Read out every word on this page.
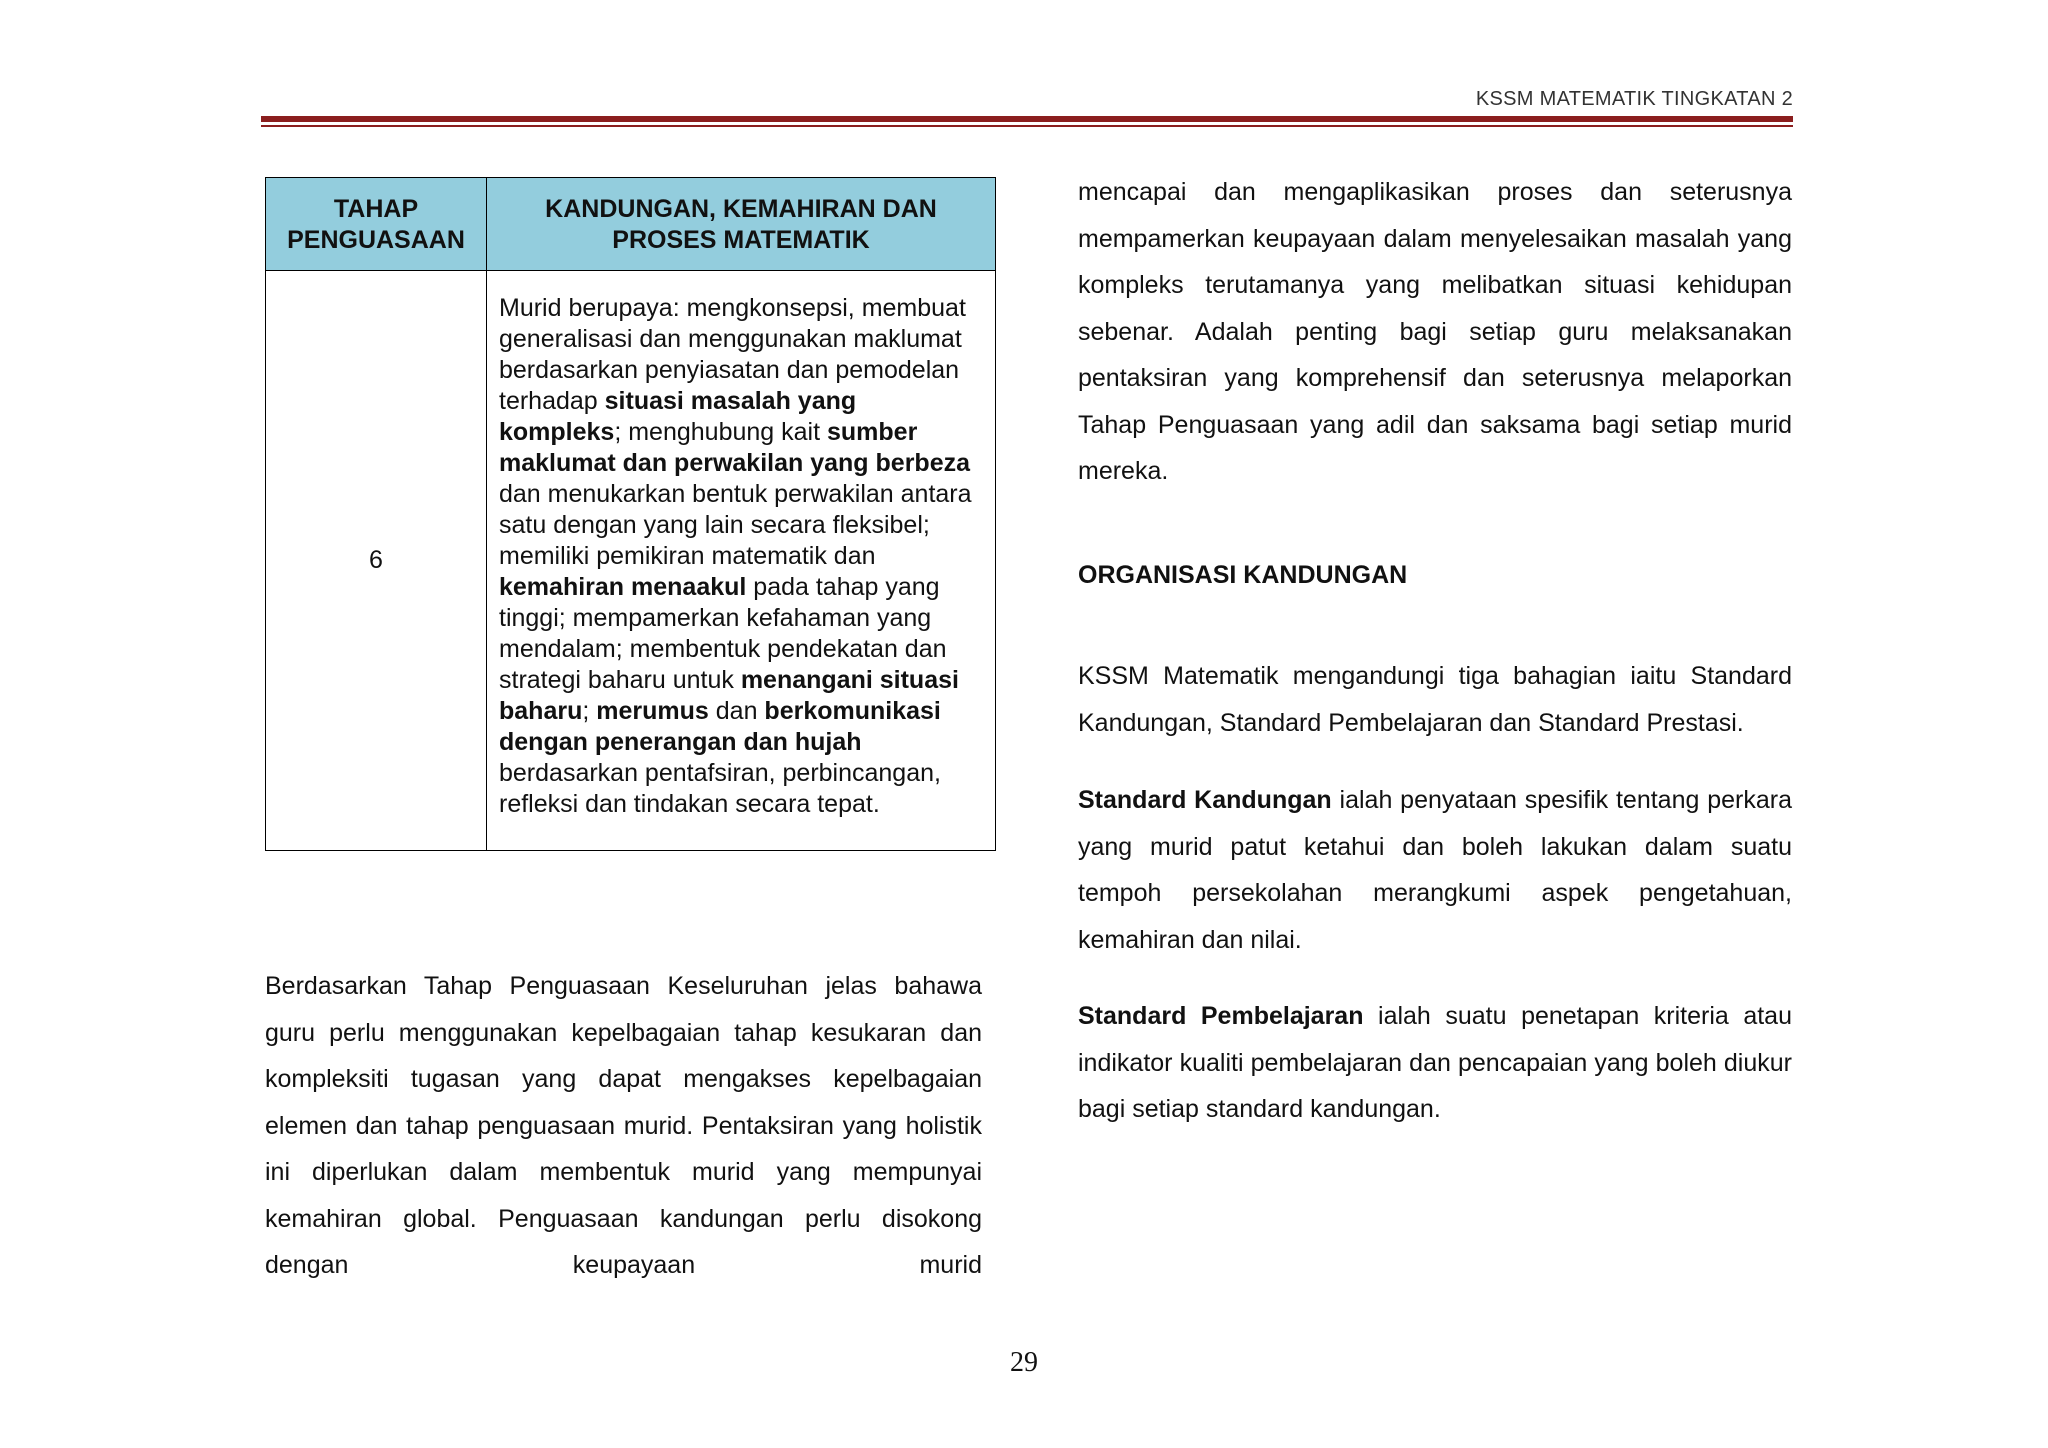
KSSM MATEMATIK TINGKATAN 2
TAHAP PENGUASAAN	KANDUNGAN, KEMAHIRAN DAN PROSES MATEMATIK
6	Murid berupaya: mengkonsepsi, membuat generalisasi dan menggunakan maklumat berdasarkan penyiasatan dan pemodelan terhadap situasi masalah yang kompleks; menghubung kait sumber maklumat dan perwakilan yang berbeza dan menukarkan bentuk perwakilan antara satu dengan yang lain secara fleksibel; memiliki pemikiran matematik dan kemahiran menaakul pada tahap yang tinggi; mempamerkan kefahaman yang mendalam; membentuk pendekatan dan strategi baharu untuk menangani situasi baharu; merumus dan berkomunikasi dengan penerangan dan hujah berdasarkan pentafsiran, perbincangan, refleksi dan tindakan secara tepat.

Berdasarkan Tahap Penguasaan Keseluruhan jelas bahawa guru perlu menggunakan kepelbagaian tahap kesukaran dan kompleksiti tugasan yang dapat mengakses kepelbagaian elemen dan tahap penguasaan murid. Pentaksiran yang holistik ini diperlukan dalam membentuk murid yang mempunyai kemahiran global. Penguasaan kandungan perlu disokong dengan keupayaan murid

mencapai dan mengaplikasikan proses dan seterusnya mempamerkan keupayaan dalam menyelesaikan masalah yang kompleks terutamanya yang melibatkan situasi kehidupan sebenar. Adalah penting bagi setiap guru melaksanakan pentaksiran yang komprehensif dan seterusnya melaporkan Tahap Penguasaan yang adil dan saksama bagi setiap murid mereka.

ORGANISASI KANDUNGAN

KSSM Matematik mengandungi tiga bahagian iaitu Standard Kandungan, Standard Pembelajaran dan Standard Prestasi.

Standard Kandungan ialah penyataan spesifik tentang perkara yang murid patut ketahui dan boleh lakukan dalam suatu tempoh persekolahan merangkumi aspek pengetahuan, kemahiran dan nilai.

Standard Pembelajaran ialah suatu penetapan kriteria atau indikator kualiti pembelajaran dan pencapaian yang boleh diukur bagi setiap standard kandungan.

29
